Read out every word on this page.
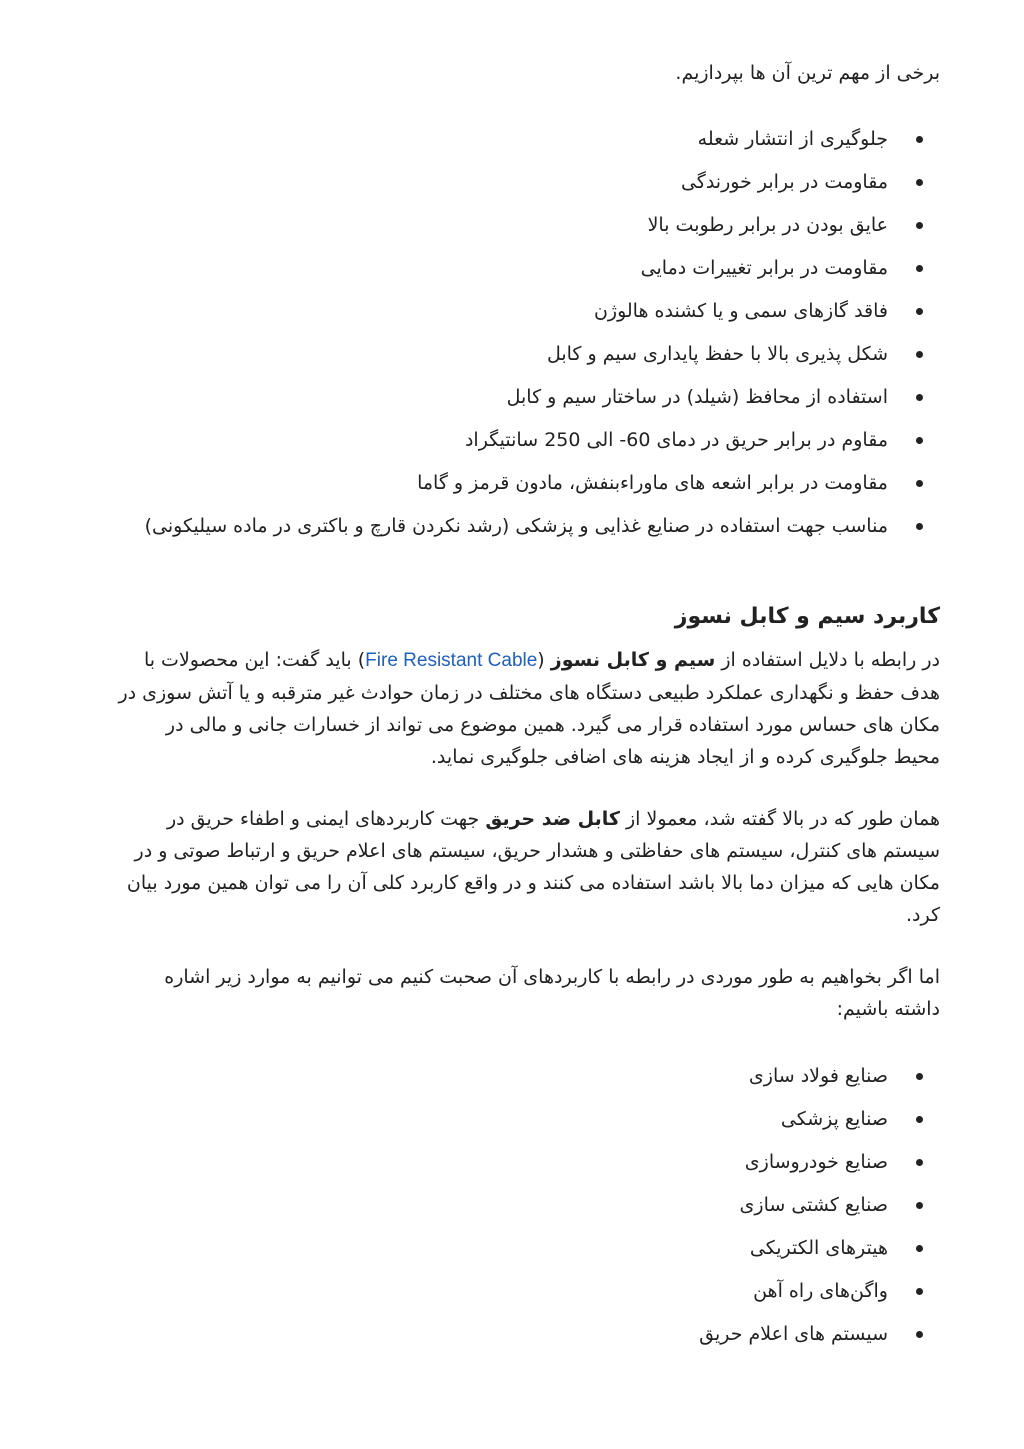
برخی از مهم ترین آن ها بپردازیم.

جلوگیری از انتشار شعله
مقاومت در برابر خورندگی
عایق بودن در برابر رطوبت بالا
مقاومت در برابر تغییرات دمایی
فاقد گازهای سمی و یا کشنده هالوژن
شکل پذیری بالا با حفظ پایداری سیم و کابل
استفاده از محافظ (شیلد) در ساختار سیم و کابل
مقاوم در برابر حریق در دمای 60- الی 250 سانتیگراد
مقاومت در برابر اشعه های ماوراءبنفش، مادون قرمز و گاما
مناسب جهت استفاده در صنایع غذایی و پزشکی (رشد نکردن قارچ و باکتری در ماده سیلیکونی)
کاربرد سیم و کابل نسوز

در رابطه با دلایل استفاده از سیم و کابل نسوز (Fire Resistant Cable) باید گفت: این محصولات با هدف حفظ و نگهداری عملکرد طبیعی دستگاه های مختلف در زمان حوادث غیر مترقبه و یا آتش سوزی در مکان های حساس مورد استفاده قرار می گیرد. همین موضوع می تواند از خسارات جانی و مالی در محیط جلوگیری کرده و از ایجاد هزینه های اضافی جلوگیری نماید.

همان طور که در بالا گفته شد، معمولا از کابل ضد حریق جهت کاربردهای ایمنی و اطفاء حریق در سیستم های کنترل، سیستم های حفاظتی و هشدار حریق، سیستم های اعلام حریق و ارتباط صوتی و در مکان هایی که میزان دما بالا باشد استفاده می کنند و در واقع کاربرد کلی آن را می توان همین مورد بیان کرد.

اما اگر بخواهیم به طور موردی در رابطه با کاربردهای آن صحبت کنیم می توانیم به موارد زیر اشاره داشته باشیم:

صنایع فولاد سازی
صنایع پزشکی
صنایع خودروسازی
صنایع کشتی سازی
هیترهای الکتریکی
واگن‌های راه آهن
سیستم های اعلام حریق
